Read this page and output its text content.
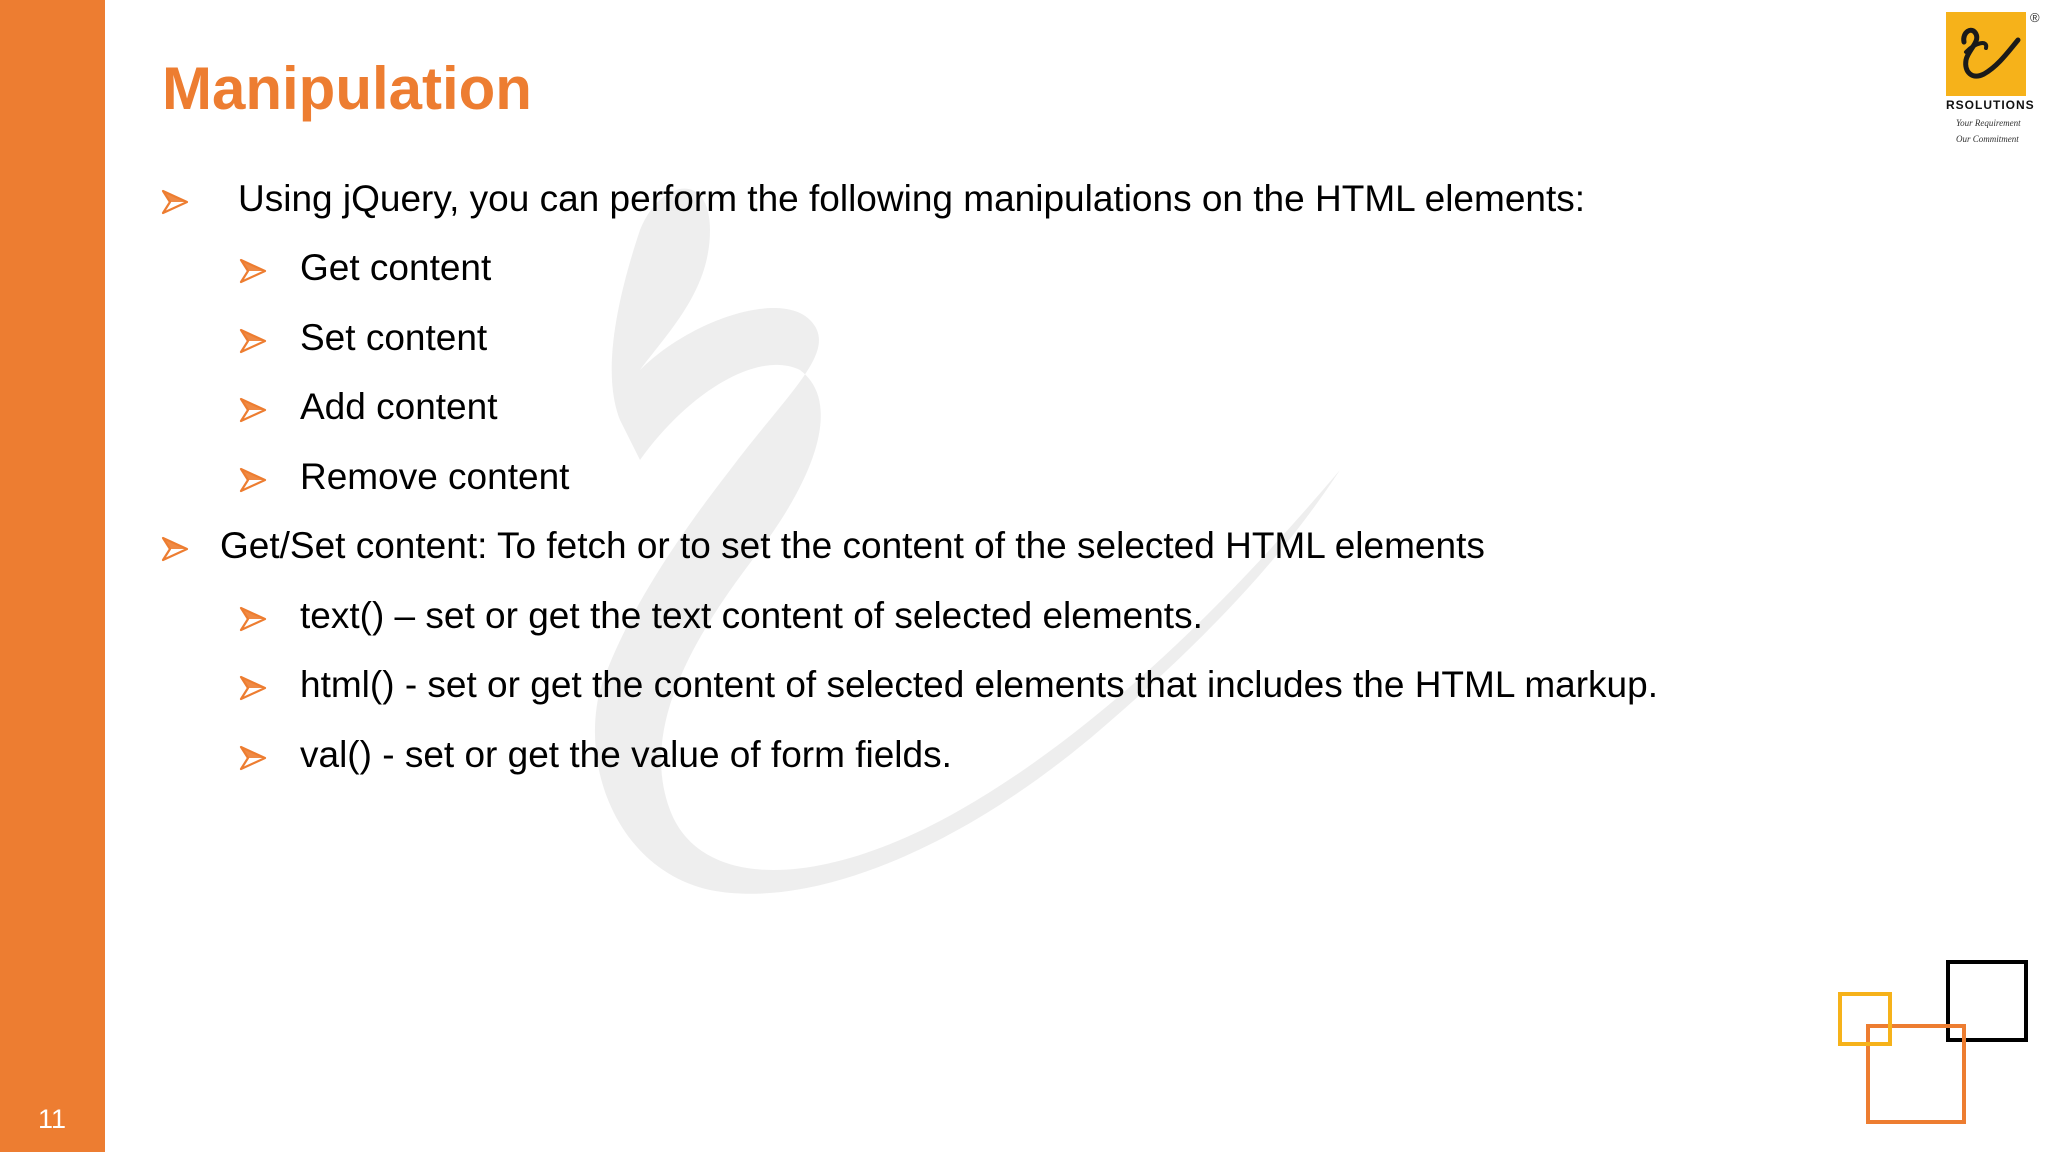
11
Manipulation
Using jQuery, you can perform the following manipulations on the HTML elements:
Get content
Set content
Add content
Remove content
Get/Set content: To fetch or to set the content of the selected HTML elements
text() – set or get the text content of selected elements.
html() - set or get the content of selected elements that includes the HTML markup.
val() - set or get the value of form fields.
®
RSOLUTIONS
Your Requirement
Our Commitment
